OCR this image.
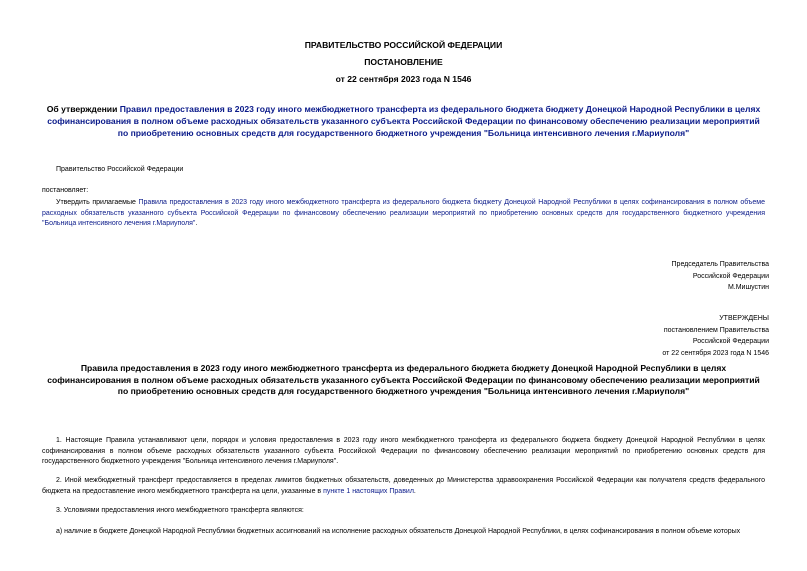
ПРАВИТЕЛЬСТВО РОССИЙСКОЙ ФЕДЕРАЦИИ
ПОСТАНОВЛЕНИЕ
от 22 сентября 2023 года N 1546
Об утверждении Правил предоставления в 2023 году иного межбюджетного трансферта из федерального бюджета бюджету Донецкой Народной Республики в целях софинансирования в полном объеме расходных обязательств указанного субъекта Российской Федерации по финансовому обеспечению реализации мероприятий по приобретению основных средств для государственного бюджетного учреждения "Больница интенсивного лечения г.Мариуполя"
Правительство Российской Федерации
постановляет:
Утвердить прилагаемые Правила предоставления в 2023 году иного межбюджетного трансферта из федерального бюджета бюджету Донецкой Народной Республики в целях софинансирования в полном объеме расходных обязательств указанного субъекта Российской Федерации по финансовому обеспечению реализации мероприятий по приобретению основных средств для государственного бюджетного учреждения "Больница интенсивного лечения г.Мариуполя".
Председатель Правительства
Российской Федерации
М.Мишустин
УТВЕРЖДЕНЫ
постановлением Правительства
Российской Федерации
от 22 сентября 2023 года N 1546
Правила предоставления в 2023 году иного межбюджетного трансферта из федерального бюджета бюджету Донецкой Народной Республики в целях софинансирования в полном объеме расходных обязательств указанного субъекта Российской Федерации по финансовому обеспечению реализации мероприятий по приобретению основных средств для государственного бюджетного учреждения "Больница интенсивного лечения г.Мариуполя"
1. Настоящие Правила устанавливают цели, порядок и условия предоставления в 2023 году иного межбюджетного трансферта из федерального бюджета бюджету Донецкой Народной Республики в целях софинансирования в полном объеме расходных обязательств указанного субъекта Российской Федерации по финансовому обеспечению реализации мероприятий по приобретению основных средств для государственного бюджетного учреждения "Больница интенсивного лечения г.Мариуполя".
2. Иной межбюджетный трансферт предоставляется в пределах лимитов бюджетных обязательств, доведенных до Министерства здравоохранения Российской Федерации как получателя средств федерального бюджета на предоставление иного межбюджетного трансферта на цели, указанные в пункте 1 настоящих Правил.
3. Условиями предоставления иного межбюджетного трансферта являются:
а) наличие в бюджете Донецкой Народной Республики бюджетных ассигнований на исполнение расходных обязательств Донецкой Народной Республики, в целях софинансирования в полном объеме которых
